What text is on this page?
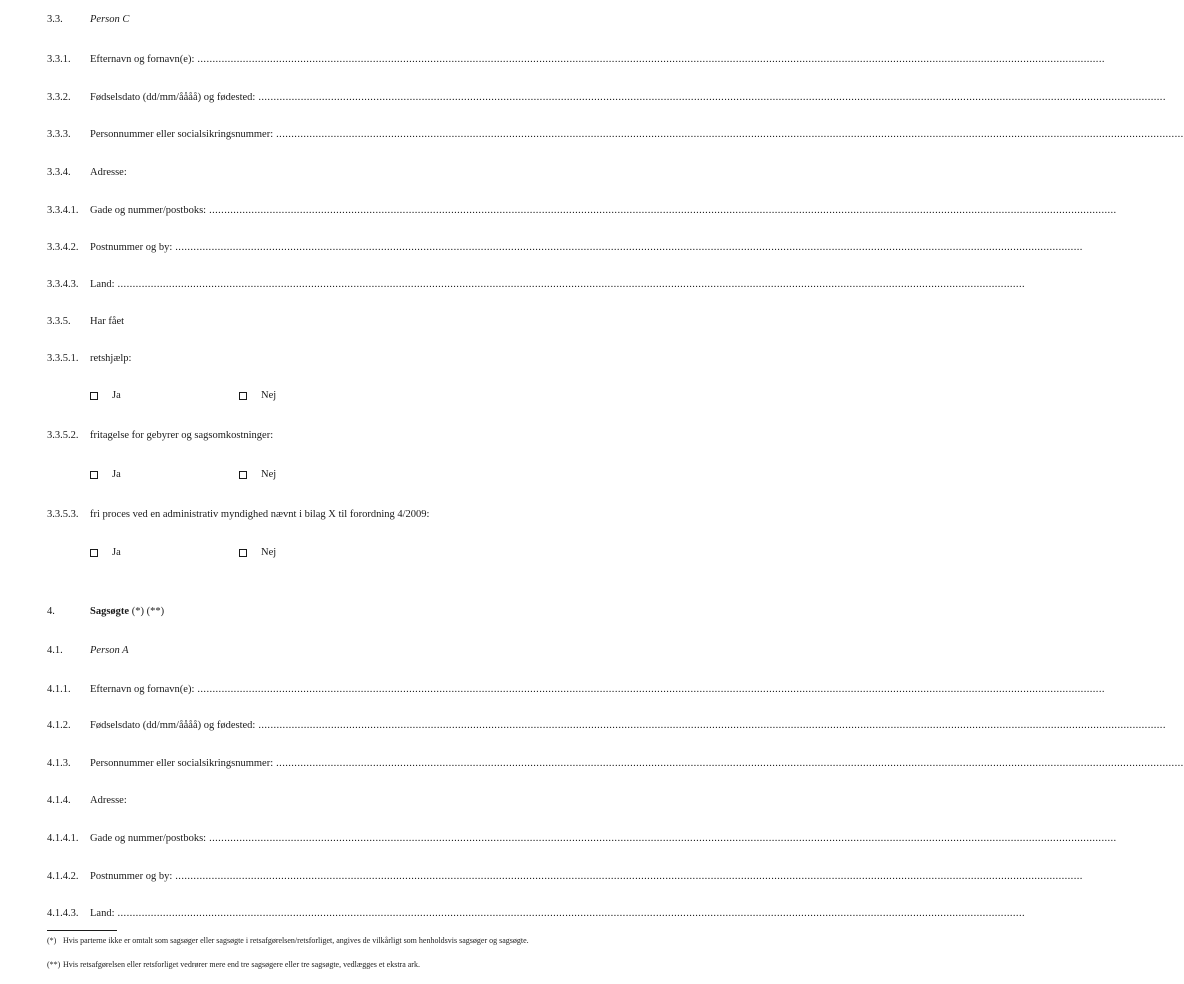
3.3.	Person C
3.3.1. Efternavn og fornavn(e): ............................................................................................................................................................................................................................................................................................................
3.3.2. Fødselsdato (dd/mm/åååå) og fødested: ............................................................................................................................................................................................................................................................................................................
3.3.3. Personnummer eller socialsikringsnummer: ............................................................................................................................................................................................................................................................................................................
3.3.4. Adresse:
3.3.4.1. Gade og nummer/postboks: ............................................................................................................................................................................................................................................................................................................
3.3.4.2. Postnummer og by: ............................................................................................................................................................................................................................................................................................................
3.3.4.3. Land: ............................................................................................................................................................................................................................................................................................................
3.3.5. Har fået
3.3.5.1. retshjælp:
Ja	Nej
3.3.5.2. fritagelse for gebyrer og sagsomkostninger:
Ja	Nej
3.3.5.3. fri proces ved en administrativ myndighed nævnt i bilag X til forordning 4/2009:
Ja	Nej
4.	Sagsøgte (*) (**)
4.1.	Person A
4.1.1. Efternavn og fornavn(e): ............................................................................................................................................................................................................................................................................................................
4.1.2. Fødselsdato (dd/mm/åååå) og fødested: ............................................................................................................................................................................................................................................................................................................
4.1.3. Personnummer eller socialsikringsnummer: ............................................................................................................................................................................................................................................................................................................
4.1.4. Adresse:
4.1.4.1. Gade og nummer/postboks: ............................................................................................................................................................................................................................................................................................................
4.1.4.2. Postnummer og by: ............................................................................................................................................................................................................................................................................................................
4.1.4.3. Land: ............................................................................................................................................................................................................................................................................................................
(*) Hvis parterne ikke er omtalt som sagsøger eller sagsøgte i retsafgørelsen/retsforliget, angives de vilkårligt som henholdsvis sagsøger og sagsøgte.
(**) Hvis retsafgørelsen eller retsforliget vedrører mere end tre sagsøgere eller tre sagsøgte, vedlægges et ekstra ark.
